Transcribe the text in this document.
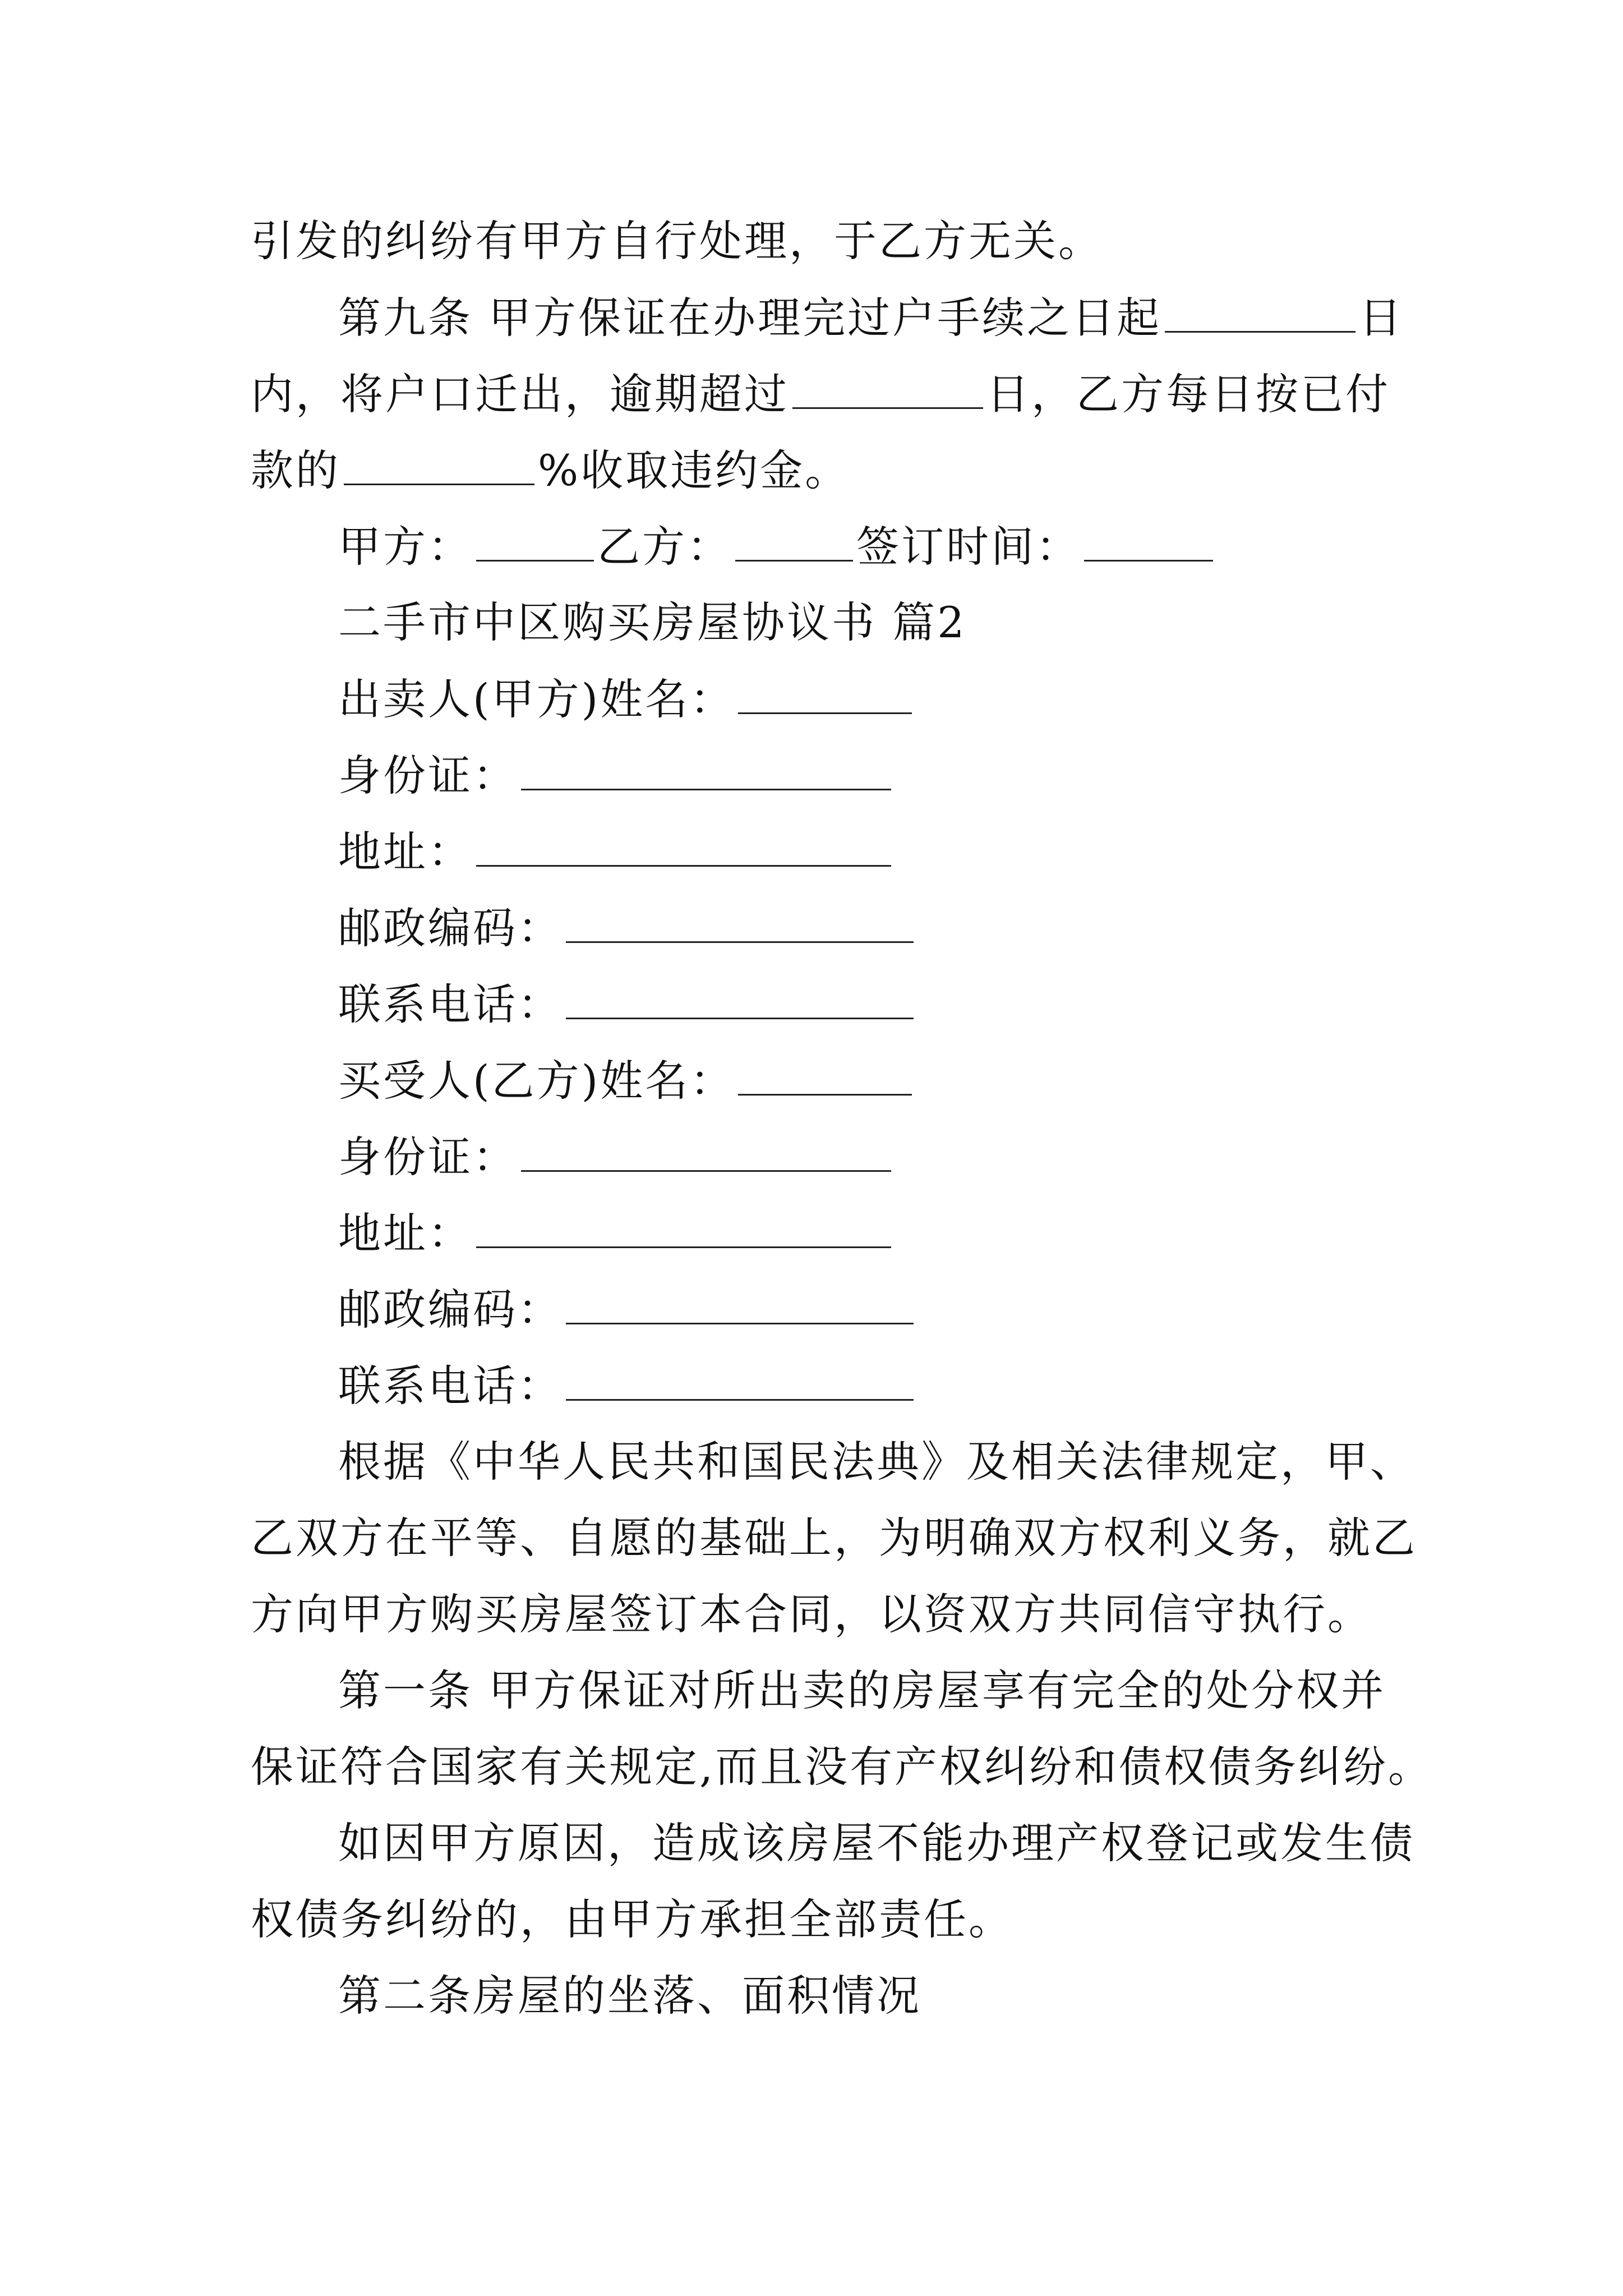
引发的纠纷有甲方自行处理，于乙方无关。
第九条 甲方保证在办理完过户手续之日起	日
内，将户口迁出，逾期超过	日，乙方每日按已付
款的	%收取违约金。
甲方：	乙方：	签订时间：
二手市中区购买房屋协议书 篇2
出卖人(甲方)姓名：
身份证：
地址：
邮政编码：
联系电话：
买受人(乙方)姓名：
身份证：
地址：
邮政编码：
联系电话：
根据《中华人民共和国民法典》及相关法律规定，甲、
乙双方在平等、自愿的基础上，为明确双方权利义务，就乙
方向甲方购买房屋签订本合同，以资双方共同信守执行。
第一条 甲方保证对所出卖的房屋享有完全的处分权并
保证符合国家有关规定,而且没有产权纠纷和债权债务纠纷。
如因甲方原因，造成该房屋不能办理产权登记或发生债
权债务纠纷的，由甲方承担全部责任。
第二条房屋的坐落、面积情况
